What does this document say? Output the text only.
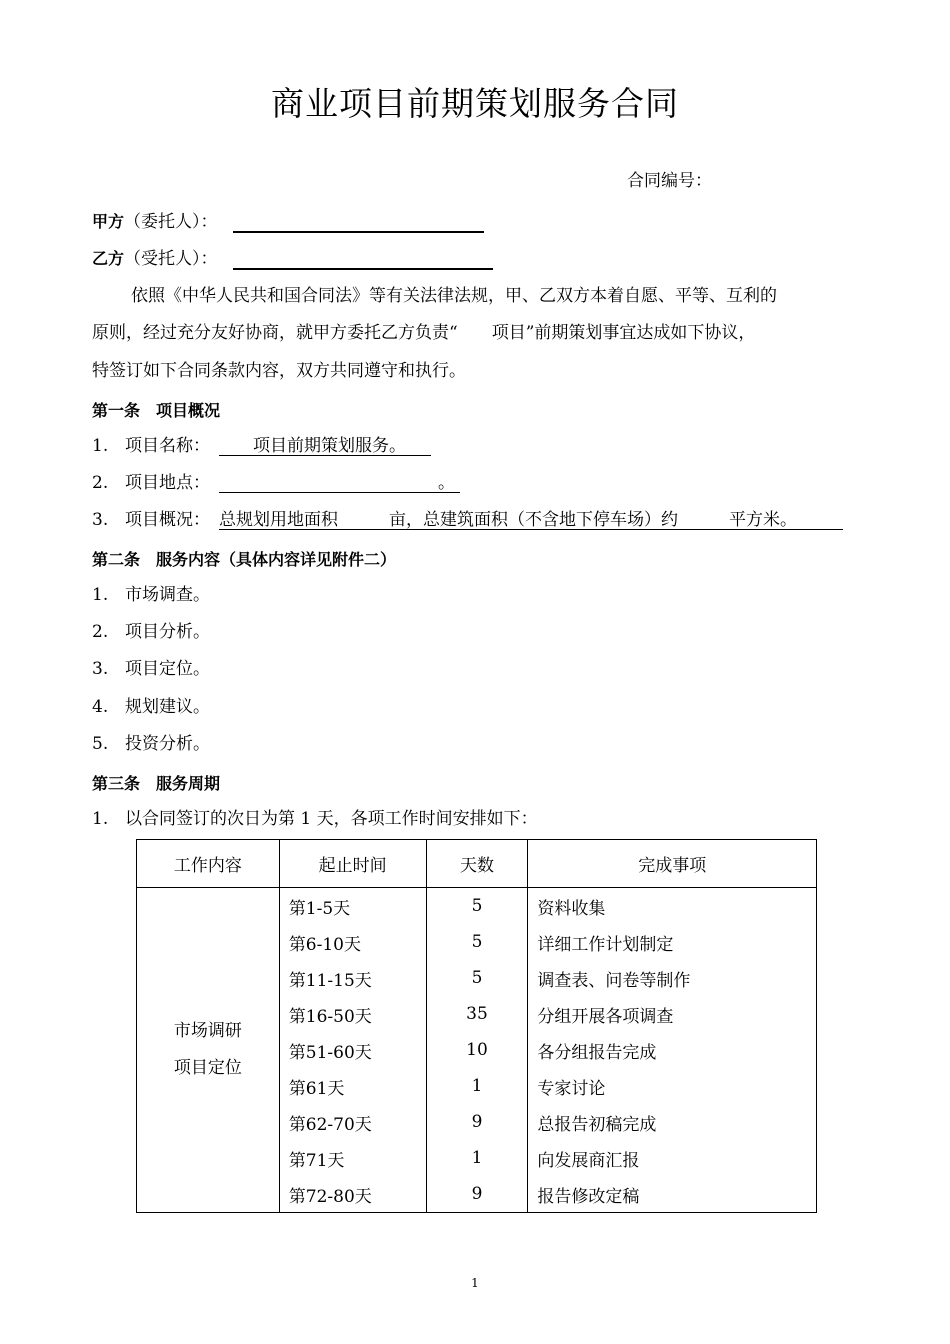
商业项目前期策划服务合同
合同编号：
甲方（委托人）：
乙方（受托人）：
依照《中华人民共和国合同法》等有关法律法规，甲、乙双方本着自愿、平等、互利的
原则，经过充分友好协商，就甲方委托乙方负责“　　项目”前期策划事宜达成如下协议，
特签订如下合同条款内容，双方共同遵守和执行。
第一条　项目概况
1. 项目名称： 　　项目前期策划服务。
2. 项目地点：	。
3. 项目概况： 总规划用地面积　　　亩，总建筑面积（不含地下停车场）约　　　平方米。
第二条　服务内容（具体内容详见附件二）
1. 市场调查。
2. 项目分析。
3. 项目定位。
4. 规划建议。
5. 投资分析。
第三条　服务周期
1. 以合同签订的次日为第 1 天，各项工作时间安排如下：
工作内容	起止时间	天数	完成事项

市场调研
项目定位	第1-5天	5	资料收集
	第6-10天	5	详细工作计划制定
	第11-15天	5	调查表、问卷等制作
	第16-50天	35	分组开展各项调查
	第51-60天	10	各分组报告完成
	第61天	1	专家讨论
	第62-70天	9	总报告初稿完成
	第71天	1	向发展商汇报
	第72-80天	9	报告修改定稿
1
